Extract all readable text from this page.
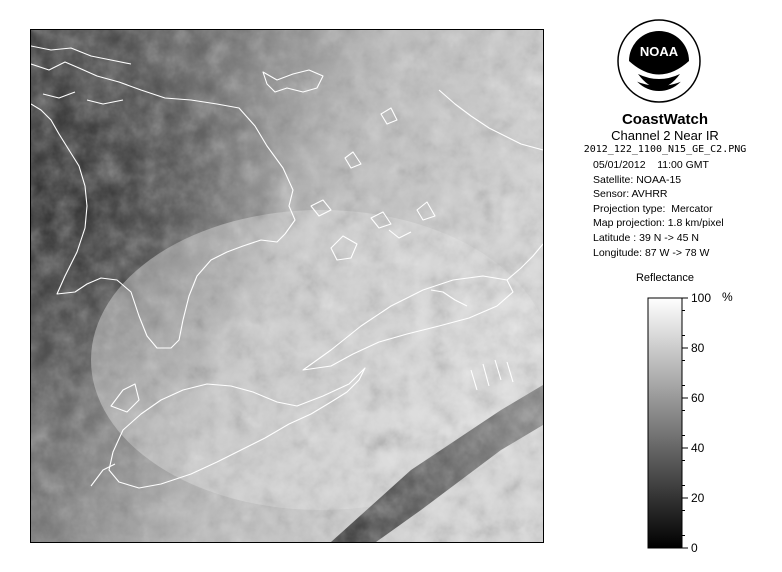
NOAA
CoastWatch
Channel 2 Near IR
2012_122_1100_N15_GE_C2.PNG
05/01/2012    11:00 GMT
Satellite: NOAA-15
Sensor: AVHRR
Projection type:  Mercator
Map projection: 1.8 km/pixel
Latitude : 39 N -> 45 N
Longitude: 87 W -> 78 W
Reflectance
0
20
40
60
80
100 %
